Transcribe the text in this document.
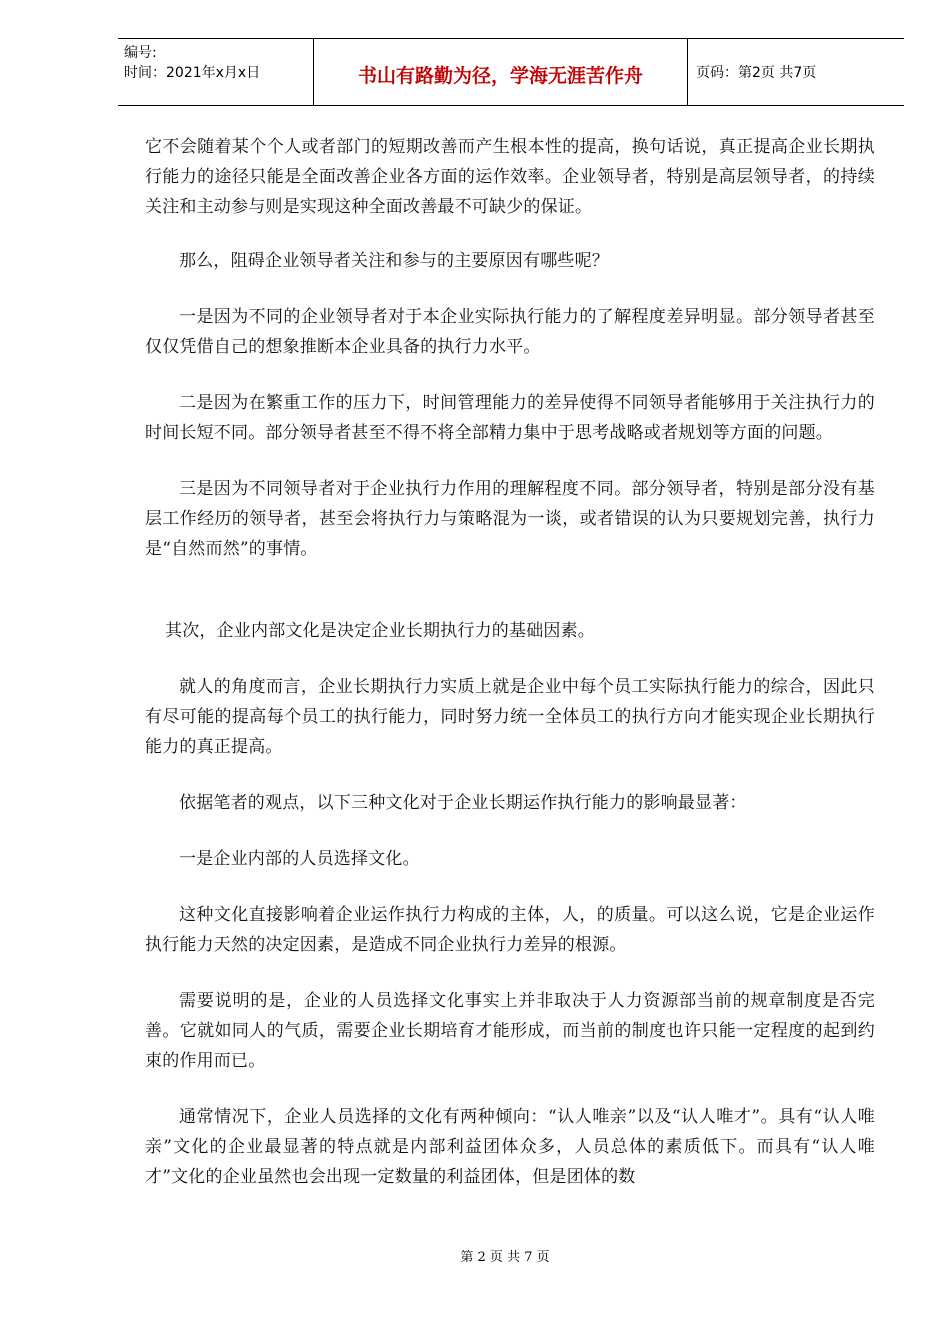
编号:
时间：2021年x月x日	书山有路勤为径，学海无涯苦作舟	页码：第2页 共7页

它不会随着某个个人或者部门的短期改善而产生根本性的提高，换句话说，真正提高企业长期执行能力的途径只能是全面改善企业各方面的运作效率。企业领导者，特别是高层领导者，的持续关注和主动参与则是实现这种全面改善最不可缺少的保证。

那么，阻碍企业领导者关注和参与的主要原因有哪些呢？

一是因为不同的企业领导者对于本企业实际执行能力的了解程度差异明显。部分领导者甚至仅仅凭借自己的想象推断本企业具备的执行力水平。

二是因为在繁重工作的压力下，时间管理能力的差异使得不同领导者能够用于关注执行力的时间长短不同。部分领导者甚至不得不将全部精力集中于思考战略或者规划等方面的问题。

三是因为不同领导者对于企业执行力作用的理解程度不同。部分领导者，特别是部分没有基层工作经历的领导者，甚至会将执行力与策略混为一谈，或者错误的认为只要规划完善，执行力是“自然而然”的事情。

其次，企业内部文化是决定企业长期执行力的基础因素。

就人的角度而言，企业长期执行力实质上就是企业中每个员工实际执行能力的综合，因此只有尽可能的提高每个员工的执行能力，同时努力统一全体员工的执行方向才能实现企业长期执行能力的真正提高。

依据笔者的观点，以下三种文化对于企业长期运作执行能力的影响最显著：

一是企业内部的人员选择文化。

这种文化直接影响着企业运作执行力构成的主体，人，的质量。可以这么说，它是企业运作执行能力天然的决定因素，是造成不同企业执行力差异的根源。

需要说明的是，企业的人员选择文化事实上并非取决于人力资源部当前的规章制度是否完善。它就如同人的气质，需要企业长期培育才能形成，而当前的制度也许只能一定程度的起到约束的作用而已。

通常情况下，企业人员选择的文化有两种倾向：“认人唯亲”以及“认人唯才”。具有“认人唯亲”文化的企业最显著的特点就是内部利益团体众多，人员总体的素质低下。而具有“认人唯才”文化的企业虽然也会出现一定数量的利益团体，但是团体的数

第 2 页 共 7 页
